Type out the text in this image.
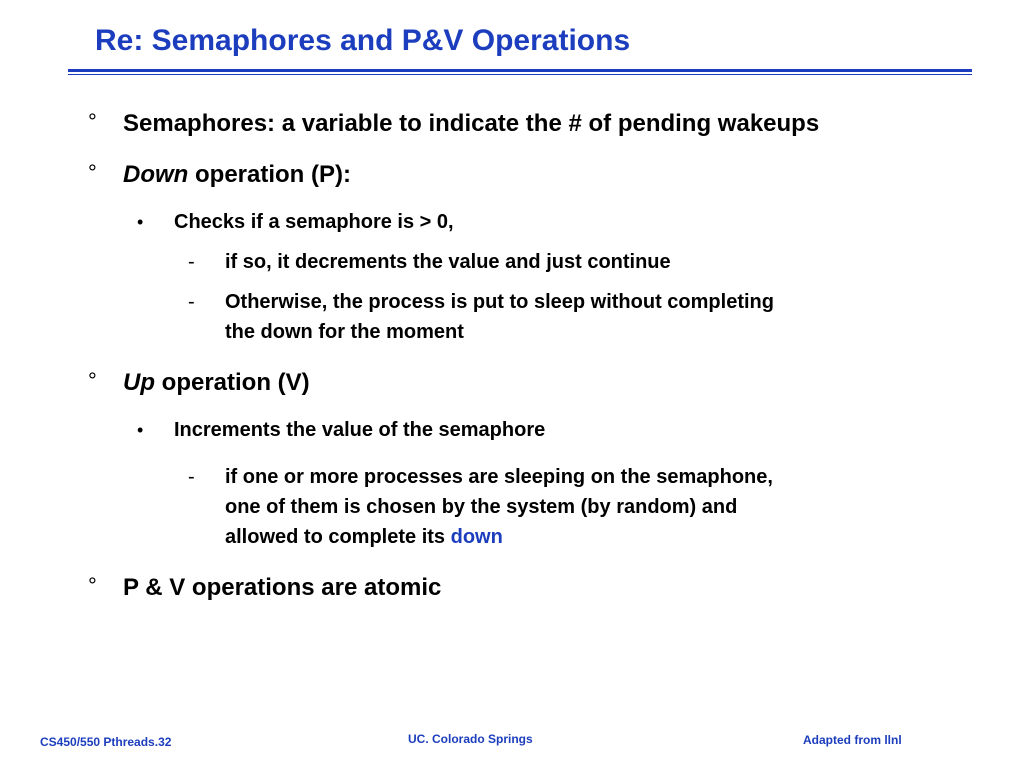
Re: Semaphores and P&V Operations
° Semaphores: a variable to indicate the # of pending wakeups
° Down operation (P):
• Checks if a semaphore is > 0,
- if so, it decrements the value and just continue
- Otherwise, the process is put to sleep without completing
the down for the moment
° Up operation (V)
• Increments the value of the semaphore
- if one or more processes are sleeping on the semaphone,
one of them is chosen by the system (by random) and
allowed to complete its down
° P & V operations are atomic
CS450/550 Pthreads.32	UC. Colorado Springs	Adapted from llnl
